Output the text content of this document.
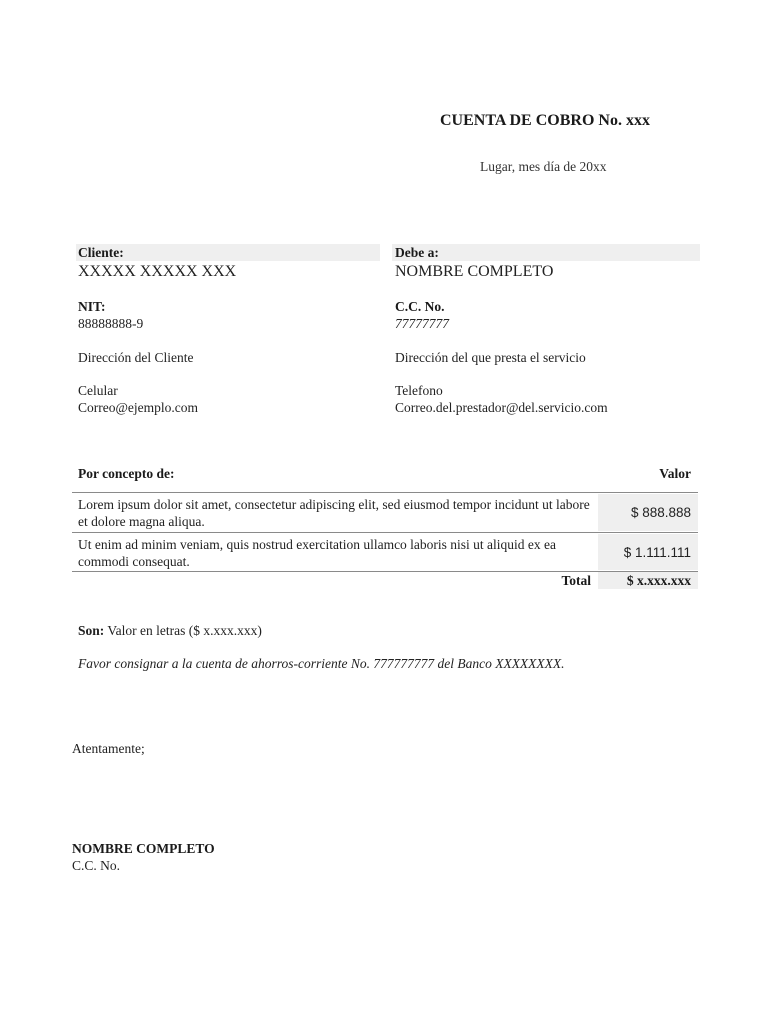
CUENTA DE COBRO No. xxx
Lugar, mes día de 20xx
Cliente:
XXXXX XXXXX XXX
NIT:
88888888-9
Dirección del Cliente
Celular
Correo@ejemplo.com
Debe a:
NOMBRE COMPLETO
C.C. No.
77777777
Dirección del que presta el servicio
Telefono
Correo.del.prestador@del.servicio.com
Por concepto de:	Valor
Lorem ipsum dolor sit amet, consectetur adipiscing elit, sed eiusmod tempor incidunt ut labore et dolore magna aliqua.
$ 888.888
Ut enim ad minim veniam, quis nostrud exercitation ullamco laboris nisi ut aliquid ex ea commodi consequat.
$ 1.111.111
Total	$ x.xxx.xxx
Son: Valor en letras ($ x.xxx.xxx)
Favor consignar a la cuenta de ahorros-corriente No. 777777777 del Banco XXXXXXXX.
Atentamente;
NOMBRE COMPLETO
C.C. No.
